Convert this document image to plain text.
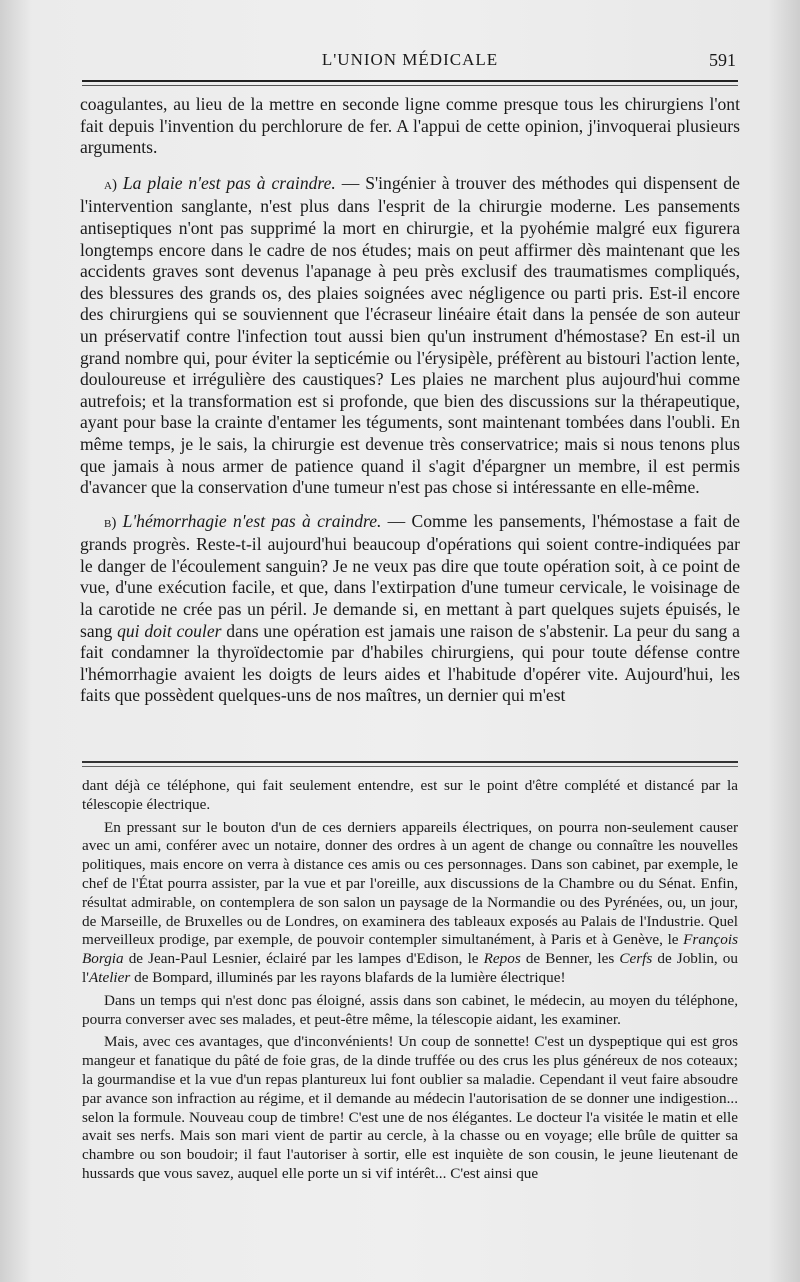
L'UNION MÉDICALE	591

coagulantes, au lieu de la mettre en seconde ligne comme presque tous les chirurgiens l'ont fait depuis l'invention du perchlorure de fer. A l'appui de cette opinion, j'invoquerai plusieurs arguments.

a) La plaie n'est pas à craindre. — S'ingénier à trouver des méthodes qui dispensent de l'intervention sanglante, n'est plus dans l'esprit de la chirurgie moderne. Les pansements antiseptiques n'ont pas supprimé la mort en chirurgie, et la pyohémie malgré eux figurera longtemps encore dans le cadre de nos études; mais on peut affirmer dès maintenant que les accidents graves sont devenus l'apanage à peu près exclusif des traumatismes compliqués, des blessures des grands os, des plaies soignées avec négligence ou parti pris. Est-il encore des chirurgiens qui se souviennent que l'écraseur linéaire était dans la pensée de son auteur un préservatif contre l'infection tout aussi bien qu'un instrument d'hémostase? En est-il un grand nombre qui, pour éviter la septicémie ou l'érysipèle, préfèrent au bistouri l'action lente, douloureuse et irrégulière des caustiques? Les plaies ne marchent plus aujourd'hui comme autrefois; et la transformation est si profonde, que bien des discussions sur la thérapeutique, ayant pour base la crainte d'entamer les téguments, sont maintenant tombées dans l'oubli. En même temps, je le sais, la chirurgie est devenue très conservatrice; mais si nous tenons plus que jamais à nous armer de patience quand il s'agit d'épargner un membre, il est permis d'avancer que la conservation d'une tumeur n'est pas chose si intéressante en elle-même.

b) L'hémorrhagie n'est pas à craindre. — Comme les pansements, l'hémostase a fait de grands progrès. Reste-t-il aujourd'hui beaucoup d'opérations qui soient contre-indiquées par le danger de l'écoulement sanguin? Je ne veux pas dire que toute opération soit, à ce point de vue, d'une exécution facile, et que, dans l'extirpation d'une tumeur cervicale, le voisinage de la carotide ne crée pas un péril. Je demande si, en mettant à part quelques sujets épuisés, le sang qui doit couler dans une opération est jamais une raison de s'abstenir. La peur du sang a fait condamner la thyroïdectomie par d'habiles chirurgiens, qui pour toute défense contre l'hémorrhagie avaient les doigts de leurs aides et l'habitude d'opérer vite. Aujourd'hui, les faits que possèdent quelques-uns de nos maîtres, un dernier qui m'est

dant déjà ce téléphone, qui fait seulement entendre, est sur le point d'être complété et distancé par la télescopie électrique.

En pressant sur le bouton d'un de ces derniers appareils électriques, on pourra non-seulement causer avec un ami, conférer avec un notaire, donner des ordres à un agent de change ou connaître les nouvelles politiques, mais encore on verra à distance ces amis ou ces personnages. Dans son cabinet, par exemple, le chef de l'État pourra assister, par la vue et par l'oreille, aux discussions de la Chambre ou du Sénat. Enfin, résultat admirable, on contemplera de son salon un paysage de la Normandie ou des Pyrénées, ou, un jour, de Marseille, de Bruxelles ou de Londres, on examinera des tableaux exposés au Palais de l'Industrie. Quel merveilleux prodige, par exemple, de pouvoir contempler simultanément, à Paris et à Genève, le François Borgia de Jean-Paul Lesnier, éclairé par les lampes d'Edison, le Repos de Benner, les Cerfs de Joblin, ou l'Atelier de Bompard, illuminés par les rayons blafards de la lumière électrique!

Dans un temps qui n'est donc pas éloigné, assis dans son cabinet, le médecin, au moyen du téléphone, pourra converser avec ses malades, et peut-être même, la télescopie aidant, les examiner.

Mais, avec ces avantages, que d'inconvénients! Un coup de sonnette! C'est un dyspeptique qui est gros mangeur et fanatique du pâté de foie gras, de la dinde truffée ou des crus les plus généreux de nos coteaux; la gourmandise et la vue d'un repas plantureux lui font oublier sa maladie. Cependant il veut faire absoudre par avance son infraction au régime, et il demande au médecin l'autorisation de se donner une indigestion... selon la formule. Nouveau coup de timbre! C'est une de nos élégantes. Le docteur l'a visitée le matin et elle avait ses nerfs. Mais son mari vient de partir au cercle, à la chasse ou en voyage; elle brûle de quitter sa chambre ou son boudoir; il faut l'autoriser à sortir, elle est inquiète de son cousin, le jeune lieutenant de hussards que vous savez, auquel elle porte un si vif intérêt... C'est ainsi que
